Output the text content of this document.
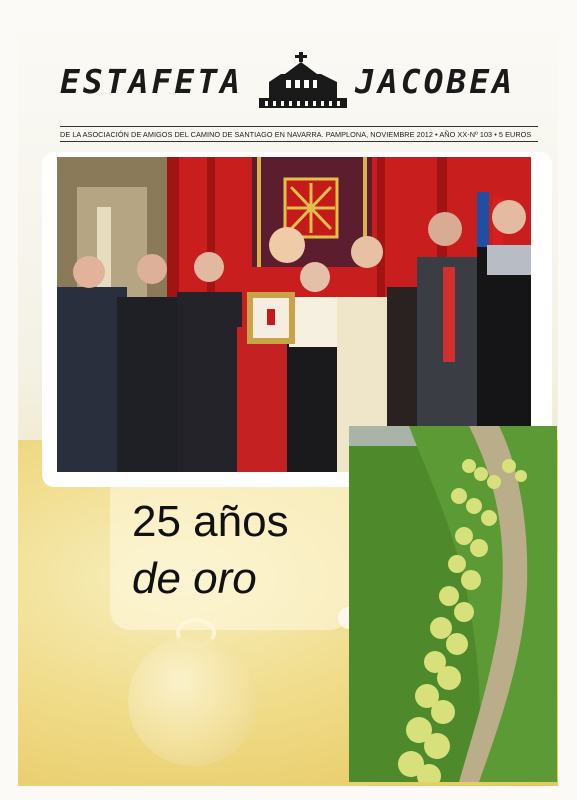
ESTAFETA	JACOBEA
DE LA ASOCIACIÓN DE AMIGOS DEL CAMINO DE SANTIAGO EN NAVARRA. PAMPLONA, NOVIEMBRE 2012 • AÑO XX-Nº 103 • 5 EUROS
25 años
de oro
